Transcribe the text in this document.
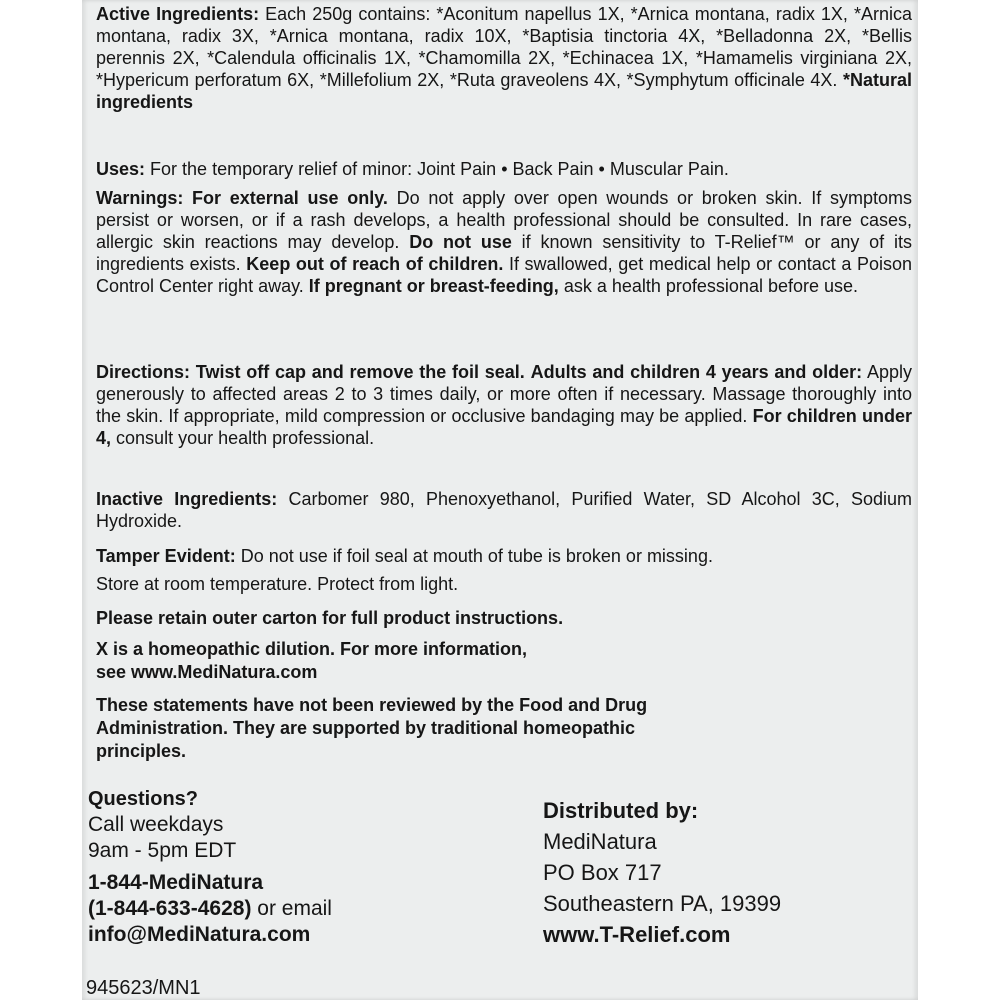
Active Ingredients: Each 250g contains: *Aconitum napellus 1X, *Arnica montana, radix 1X, *Arnica montana, radix 3X, *Arnica montana, radix 10X, *Baptisia tinctoria 4X, *Belladonna 2X, *Bellis perennis 2X, *Calendula officinalis 1X, *Chamomilla 2X, *Echinacea 1X, *Hamamelis virginiana 2X, *Hypericum perforatum 6X, *Millefolium 2X, *Ruta graveolens 4X, *Symphytum officinale 4X. *Natural ingredients

Uses: For the temporary relief of minor: Joint Pain • Back Pain • Muscular Pain.

Warnings: For external use only. Do not apply over open wounds or broken skin. If symptoms persist or worsen, or if a rash develops, a health professional should be consulted. In rare cases, allergic skin reactions may develop. Do not use if known sensitivity to T-Relief™ or any of its ingredients exists. Keep out of reach of children. If swallowed, get medical help or contact a Poison Control Center right away. If pregnant or breast-feeding, ask a health professional before use.

Directions: Twist off cap and remove the foil seal. Adults and children 4 years and older: Apply generously to affected areas 2 to 3 times daily, or more often if necessary. Massage thoroughly into the skin. If appropriate, mild compression or occlusive bandaging may be applied. For children under 4, consult your health professional.

Inactive Ingredients: Carbomer 980, Phenoxyethanol, Purified Water, SD Alcohol 3C, Sodium Hydroxide.

Tamper Evident: Do not use if foil seal at mouth of tube is broken or missing.
Store at room temperature. Protect from light.

Please retain outer carton for full product instructions.

X is a homeopathic dilution. For more information,
see www.MediNatura.com

These statements have not been reviewed by the Food and Drug
Administration. They are supported by traditional homeopathic
principles.

Questions?
Call weekdays
9am - 5pm EDT
1-844-MediNatura
(1-844-633-4628) or email
info@MediNatura.com
Distributed by:
MediNatura
PO Box 717
Southeastern PA, 19399
www.T-Relief.com
945623/MN1
